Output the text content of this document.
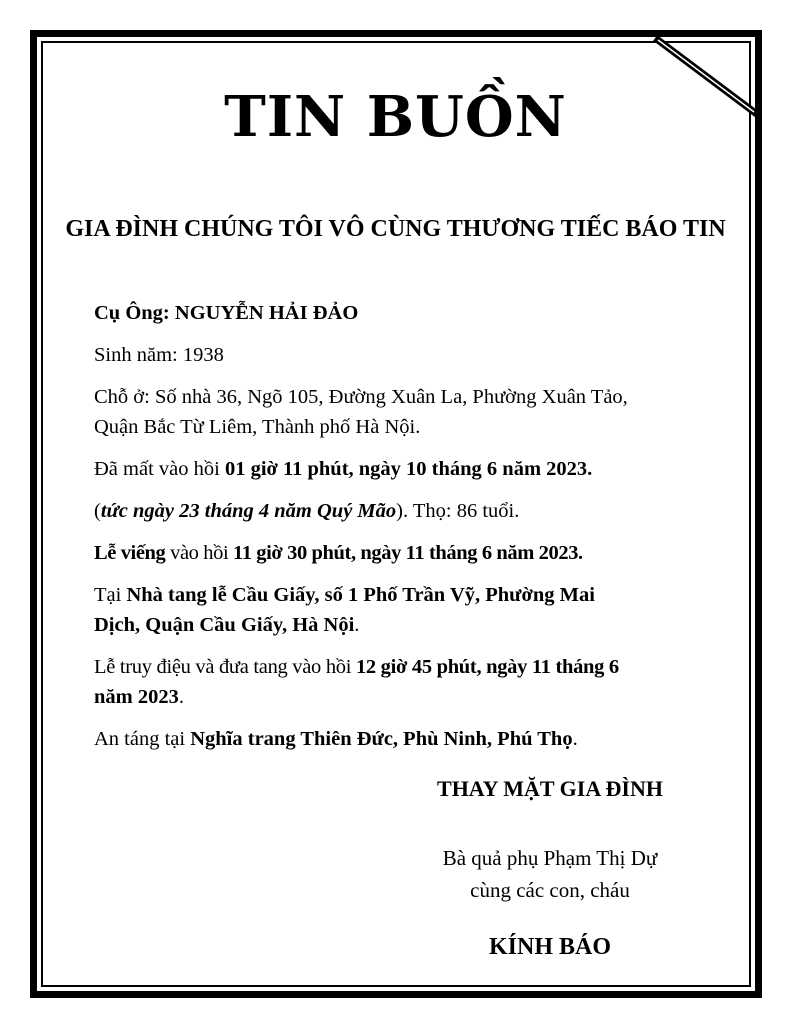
TIN BUỒN
GIA ĐÌNH CHÚNG TÔI VÔ CÙNG THƯƠNG TIẾC BÁO TIN

Cụ Ông: NGUYỄN HẢI ĐẢO

Sinh năm: 1938

Chỗ ở: Số nhà 36, Ngõ 105, Đường Xuân La, Phường Xuân Tảo,

Quận Bắc Từ Liêm, Thành phố Hà Nội.

Đã mất vào hồi 01 giờ 11 phút, ngày 10 tháng 6 năm 2023.

(tức ngày 23 tháng 4 năm Quý Mão). Thọ: 86 tuổi.

Lễ viếng vào hồi 11 giờ 30 phút, ngày 11 tháng 6 năm 2023.

Tại Nhà tang lễ Cầu Giấy, số 1 Phố Trần Vỹ, Phường Mai

Dịch, Quận Cầu Giấy, Hà Nội.

Lễ truy điệu và đưa tang vào hồi 12 giờ 45 phút, ngày 11 tháng 6

năm 2023.

An táng tại Nghĩa trang Thiên Đức, Phù Ninh, Phú Thọ.

THAY MẶT GIA ĐÌNH
Bà quả phụ Phạm Thị Dự
cùng các con, cháu
KÍNH BÁO
